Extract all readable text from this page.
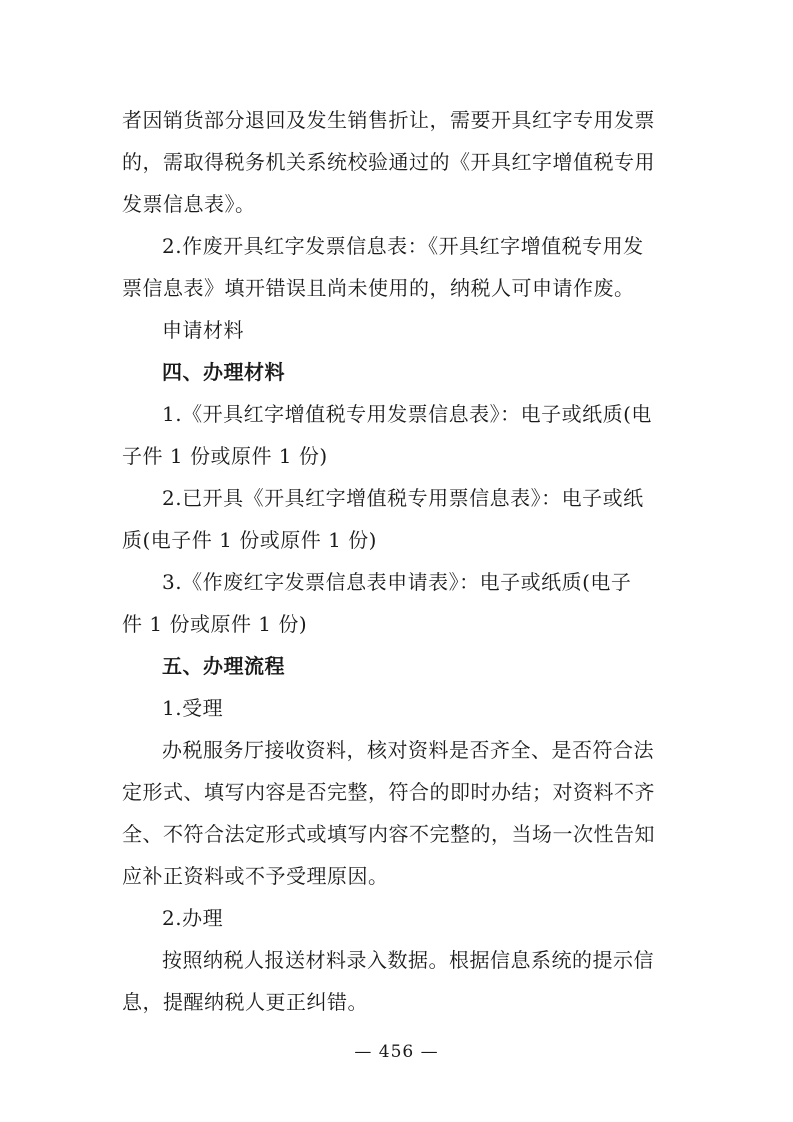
者因销货部分退回及发生销售折让，需要开具红字专用发票
的，需取得税务机关系统校验通过的《开具红字增值税专用
发票信息表》。
2.作废开具红字发票信息表：《开具红字增值税专用发
票信息表》填开错误且尚未使用的，纳税人可申请作废。
申请材料
四、办理材料
1.《开具红字增值税专用发票信息表》：电子或纸质(电
子件 1 份或原件 1 份)
2.已开具《开具红字增值税专用票信息表》：电子或纸
质(电子件 1 份或原件 1 份)
3.《作废红字发票信息表申请表》：电子或纸质(电子
件 1 份或原件 1 份)
五、办理流程
1.受理
办税服务厅接收资料，核对资料是否齐全、是否符合法
定形式、填写内容是否完整，符合的即时办结；对资料不齐
全、不符合法定形式或填写内容不完整的，当场一次性告知
应补正资料或不予受理原因。
2.办理
按照纳税人报送材料录入数据。根据信息系统的提示信
息，提醒纳税人更正纠错。
— 456 —
